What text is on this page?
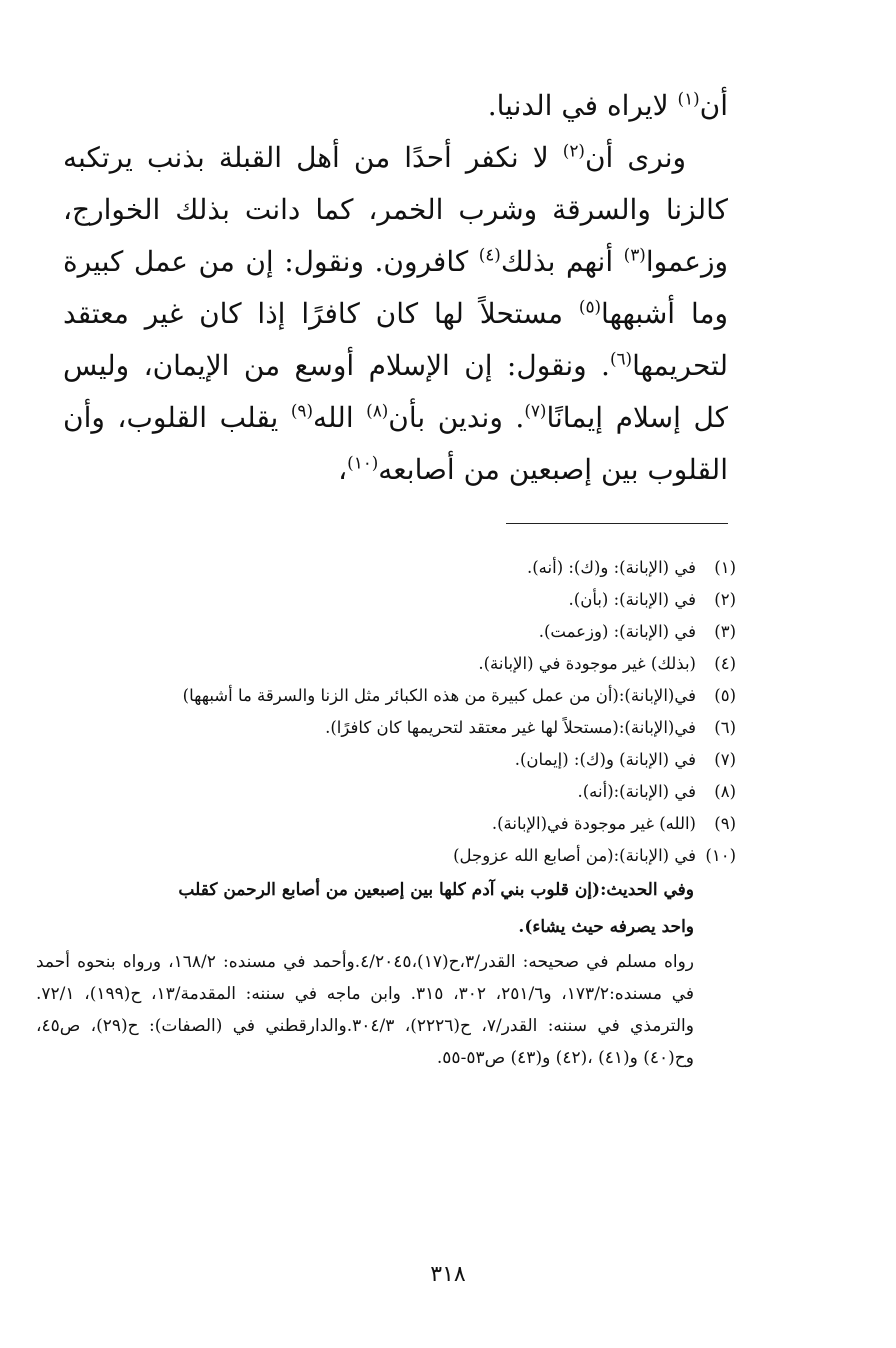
أن$^{(١)}$ لايراه في الدنيا.

ونرى أن$^{(٢)}$ لا نكفر أحدًا من أهل القبلة بذنب يرتكبه كالزنا والسرقة وشرب الخمر، كما دانت بذلك الخوارج، وزعموا$^{(٣)}$ أنهم بذلك$^{(٤)}$ كافرون. ونقول: إن من عمل كبيرة وما أشبهها$^{(٥)}$ مستحلاً لها كان كافرًا إذا كان غير معتقد لتحريمها$^{(٦)}$. ونقول: إن الإسلام أوسع من الإيمان، وليس كل إسلام إيمانًا$^{(٧)}$. وندين بأن$^{(٨)}$ الله$^{(٩)}$ يقلب القلوب، وأن القلوب بين إصبعين من أصابعه$^{(١٠)}$،

(١)
في (الإبانة): و(ك): (أنه).
(٢)
في (الإبانة): (بأن).
(٣)
في (الإبانة): (وزعمت).
(٤)
(بذلك) غير موجودة في (الإبانة).
(٥)
في(الإبانة):(أن من عمل كبيرة من هذه الكبائر مثل الزنا والسرقة ما أشبهها)
(٦)
في(الإبانة):(مستحلاً لها غير معتقد لتحريمها كان كافرًا).
(٧)
في (الإبانة) و(ك): (إيمان).
(٨)
في (الإبانة):(أنه).
(٩)
(الله) غير موجودة في(الإبانة).
(١٠)
في (الإبانة):(من أصابع الله عزوجل)
وفي الحديث:(إن قلوب بني آدم كلها بين إصبعين من أصابع الرحمن كقلب
واحد يصرفه حيث يشاء).
رواه مسلم في صحيحه: القدر/٣،ح(١٧)،٤/٢٠٤٥.وأحمد في مسنده: ١٦٨/٢، ورواه بنحوه أحمد في مسنده:١٧٣/٢، و٢٥١/٦، ٣٠٢، ٣١٥. وابن ماجه في سننه: المقدمة/١٣، ح(١٩٩)، ٧٢/١. والترمذي في سننه: القدر/٧، ح(٢٢٢٦)، ٣٠٤/٣.والدارقطني في (الصفات): ح(٢٩)، ص٤٥، وح(٤٠) و(٤١) ،(٤٢) و(٤٣) ص٥٣-٥٥.
٣١٨
